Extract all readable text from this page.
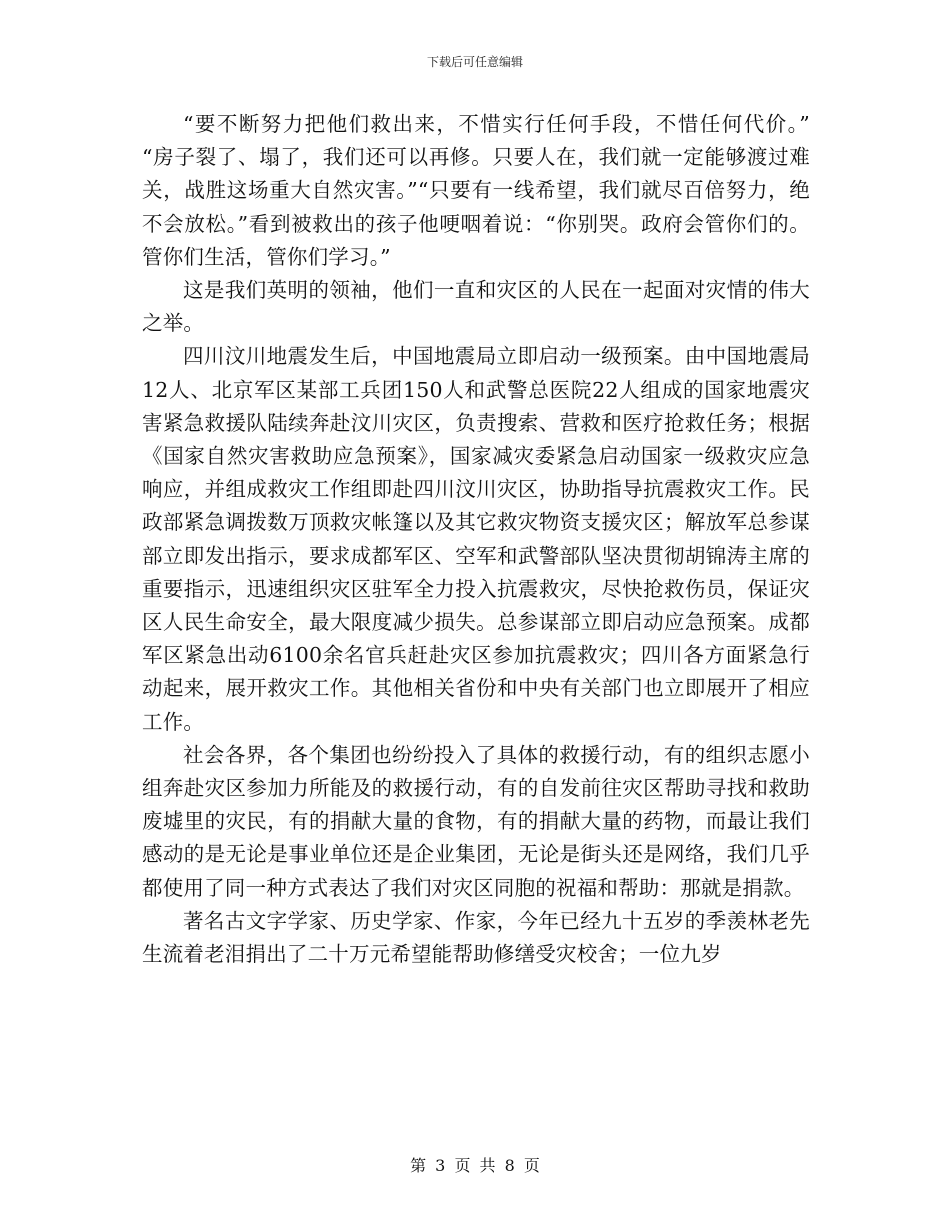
下载后可任意编辑

“要不断努力把他们救出来，不惜实行任何手段，不惜任何代价。” “房子裂了、塌了，我们还可以再修。只要人在，我们就一定能够渡过难关，战胜这场重大自然灾害。”“只要有一线希望，我们就尽百倍努力，绝不会放松。”看到被救出的孩子他哽咽着说：“你别哭。政府会管你们的。管你们生活，管你们学习。”

这是我们英明的领袖，他们一直和灾区的人民在一起面对灾情的伟大之举。

四川汶川地震发生后，中国地震局立即启动一级预案。由中国地震局12人、北京军区某部工兵团150人和武警总医院22人组成的国家地震灾害紧急救援队陆续奔赴汶川灾区，负责搜索、营救和医疗抢救任务；根据《国家自然灾害救助应急预案》，国家减灾委紧急启动国家一级救灾应急响应，并组成救灾工作组即赴四川汶川灾区，协助指导抗震救灾工作。民政部紧急调拨数万顶救灾帐篷以及其它救灾物资支援灾区；解放军总参谋部立即发出指示，要求成都军区、空军和武警部队坚决贯彻胡锦涛主席的重要指示，迅速组织灾区驻军全力投入抗震救灾，尽快抢救伤员，保证灾区人民生命安全，最大限度减少损失。总参谋部立即启动应急预案。成都军区紧急出动6100余名官兵赶赴灾区参加抗震救灾；四川各方面紧急行动起来，展开救灾工作。其他相关省份和中央有关部门也立即展开了相应工作。

社会各界，各个集团也纷纷投入了具体的救援行动，有的组织志愿小组奔赴灾区参加力所能及的救援行动，有的自发前往灾区帮助寻找和救助废墟里的灾民，有的捐献大量的食物，有的捐献大量的药物，而最让我们感动的是无论是事业单位还是企业集团，无论是街头还是网络，我们几乎都使用了同一种方式表达了我们对灾区同胞的祝福和帮助：那就是捐款。

著名古文字学家、历史学家、作家，今年已经九十五岁的季羡林老先生流着老泪捐出了二十万元希望能帮助修缮受灾校舍；一位九岁

第 3 页 共 8 页
